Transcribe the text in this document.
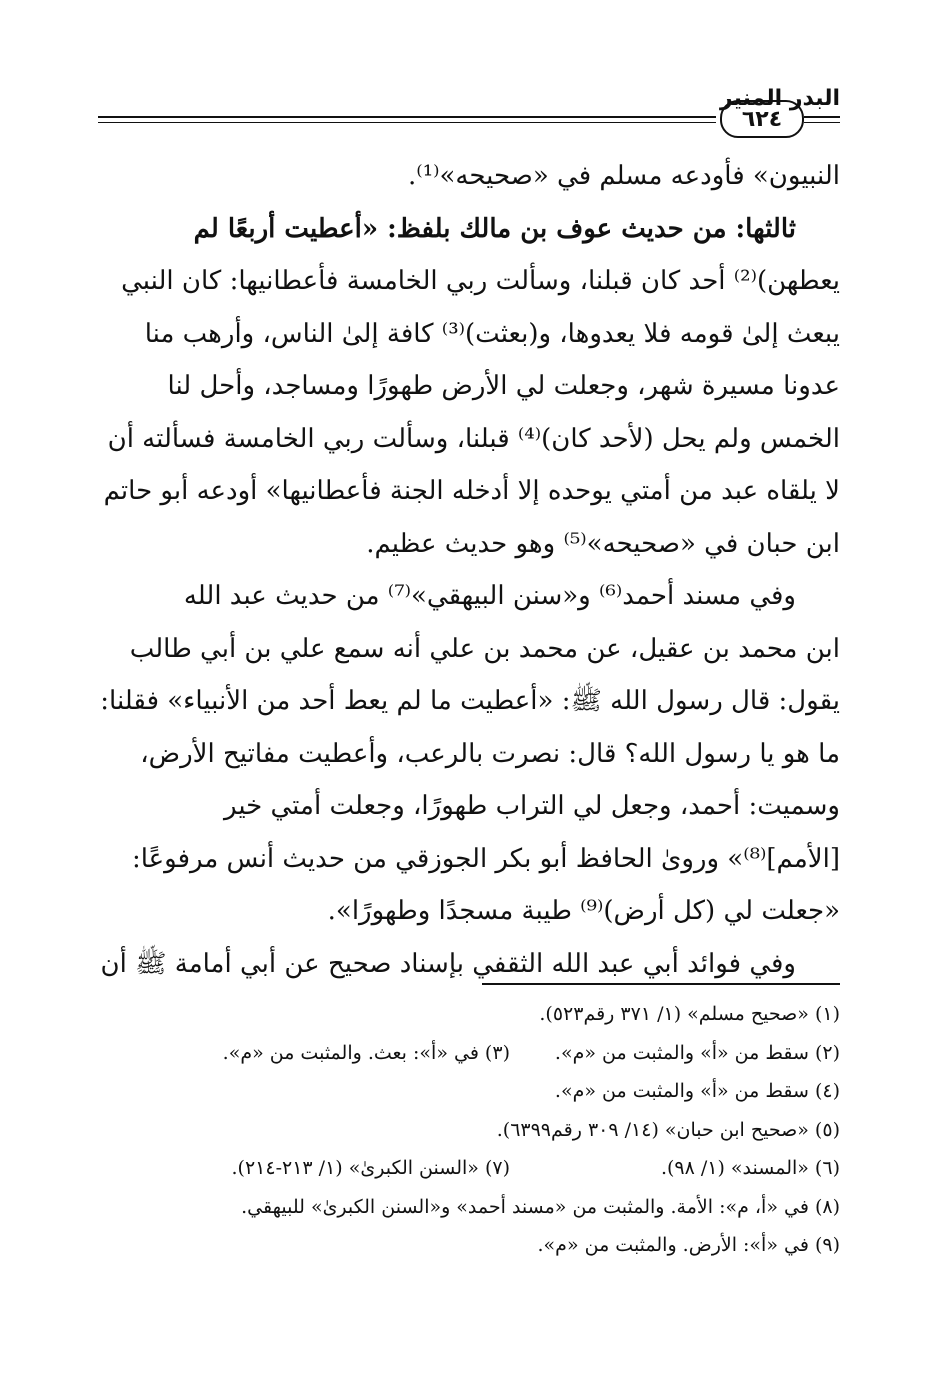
٦٢٤
البدر المنير

النبيون» فأودعه مسلم في «صحيحه»⁽¹⁾.

ثالثها: من حديث عوف بن مالك بلفظ: «أعطيت أربعًا لم

يعطهن)⁽²⁾ أحد كان قبلنا، وسألت ربي الخامسة فأعطانيها: كان النبي

يبعث إلىٰ قومه فلا يعدوها، و(بعثت)⁽³⁾ كافة إلىٰ الناس، وأرهب منا

عدونا مسيرة شهر، وجعلت لي الأرض طهورًا ومساجد، وأحل لنا

الخمس ولم يحل (لأحد كان)⁽⁴⁾ قبلنا، وسألت ربي الخامسة فسألته أن

لا يلقاه عبد من أمتي يوحده إلا أدخله الجنة فأعطانيها» أودعه أبو حاتم

ابن حبان في «صحيحه»⁽⁵⁾ وهو حديث عظيم.

وفي مسند أحمد⁽⁶⁾ و«سنن البيهقي»⁽⁷⁾ من حديث عبد الله

ابن محمد بن عقيل، عن محمد بن علي أنه سمع علي بن أبي طالب

يقول: قال رسول الله ﷺ: «أعطيت ما لم يعط أحد من الأنبياء» فقلنا:

ما هو يا رسول الله؟ قال: نصرت بالرعب، وأعطيت مفاتيح الأرض،

وسميت: أحمد، وجعل لي التراب طهورًا، وجعلت أمتي خير

[الأمم]⁽⁸⁾» وروىٰ الحافظ أبو بكر الجوزقي من حديث أنس مرفوعًا:

«جعلت لي (كل أرض)⁽⁹⁾ طيبة مسجدًا وطهورًا».

وفي فوائد أبي عبد الله الثقفي بإسناد صحيح عن أبي أمامة ﷺ أن

(١) «صحيح مسلم» (١/ ٣٧١ رقم٥٢٣).
(٢) سقط من «أ» والمثبت من «م».
(٣) في «أ»: بعث. والمثبت من «م».
(٤) سقط من «أ» والمثبت من «م».
(٥) «صحيح ابن حبان» (١٤/ ٣٠٩ رقم٦٣٩٩).
(٦) «المسند» (١/ ٩٨).
(٧) «السنن الكبرىٰ» (١/ ٢١٣-٢١٤).
(٨) في «أ، م»: الأمة. والمثبت من «مسند أحمد» و«السنن الكبرىٰ» للبيهقي.
(٩) في «أ»: الأرض. والمثبت من «م».
